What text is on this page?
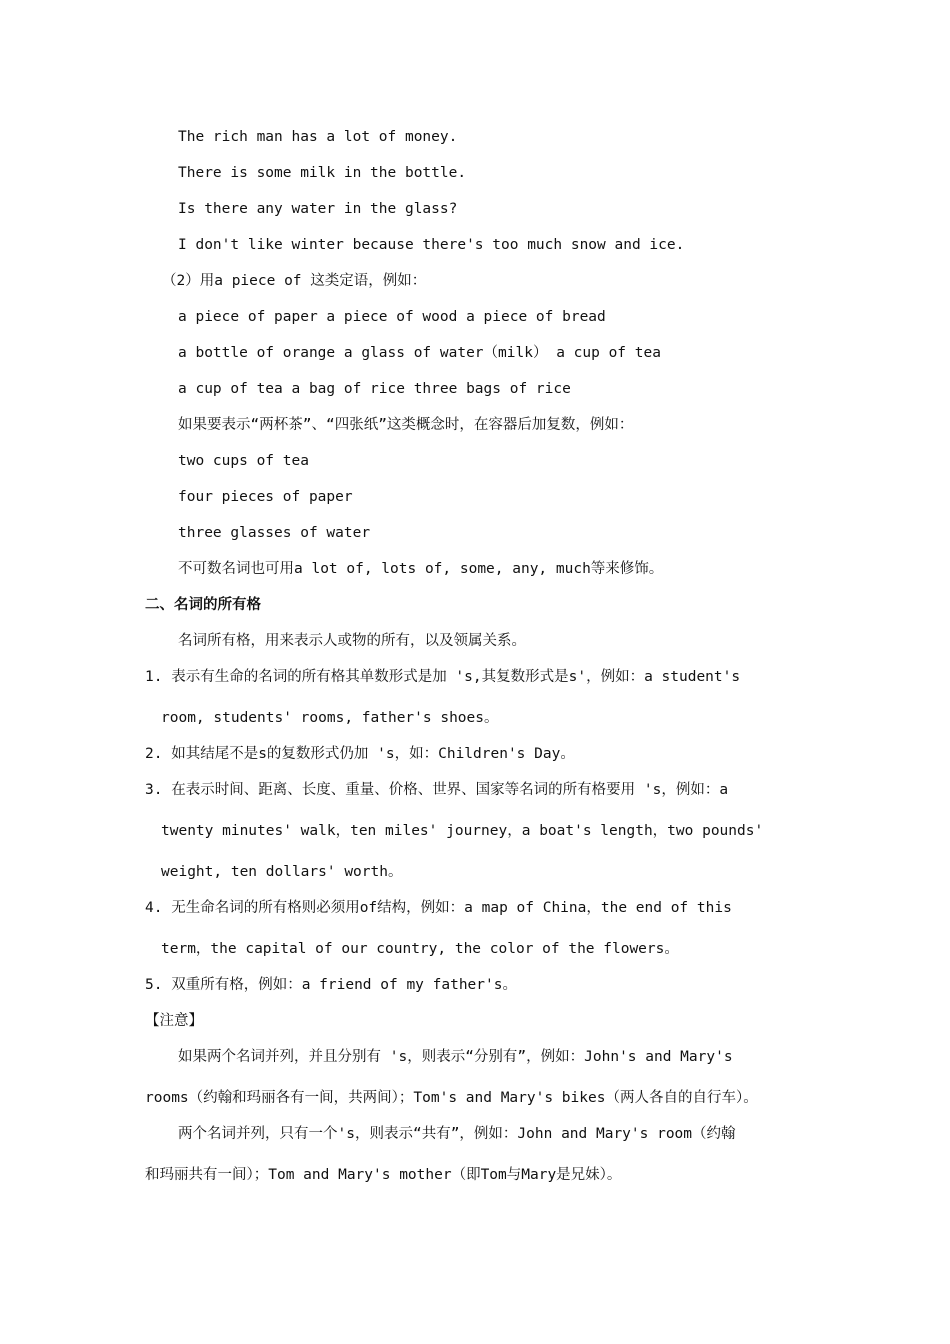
The rich man has a lot of money.
There is some milk in the bottle.
Is there any water in the glass?
I don't like winter because there's too much snow and ice.
（2）用a piece of 这类定语，例如：
a piece of paper a piece of wood a piece of bread
a bottle of orange a glass of water（milk） a cup of tea
a cup of tea a bag of rice three bags of rice
如果要表示“两杯茶”、“四张纸”这类概念时，在容器后加复数，例如：
two cups of tea
four pieces of paper
three glasses of water
不可数名词也可用a lot of, lots of, some, any, much等来修饰。
二、名词的所有格
名词所有格，用来表示人或物的所有，以及领属关系。
1. 表示有生命的名词的所有格其单数形式是加 's,其复数形式是s'，例如：a student's
room, students' rooms, father's shoes。
2. 如其结尾不是s的复数形式仍加 's，如：Children's Day。
3. 在表示时间、距离、长度、重量、价格、世界、国家等名词的所有格要用 's，例如：a
twenty minutes' walk，ten miles' journey，a boat's length，two pounds'
weight, ten dollars' worth。
4. 无生命名词的所有格则必须用of结构，例如：a map of China，the end of this
term，the capital of our country, the color of the flowers。
5. 双重所有格，例如：a friend of my father's。
【注意】
如果两个名词并列，并且分别有 's，则表示“分别有”，例如：John's and Mary's
rooms（约翰和玛丽各有一间，共两间）；Tom's and Mary's bikes（两人各自的自行车）。
两个名词并列，只有一个's，则表示“共有”，例如：John and Mary's room（约翰
和玛丽共有一间）；Tom and Mary's mother（即Tom与Mary是兄妹）。
